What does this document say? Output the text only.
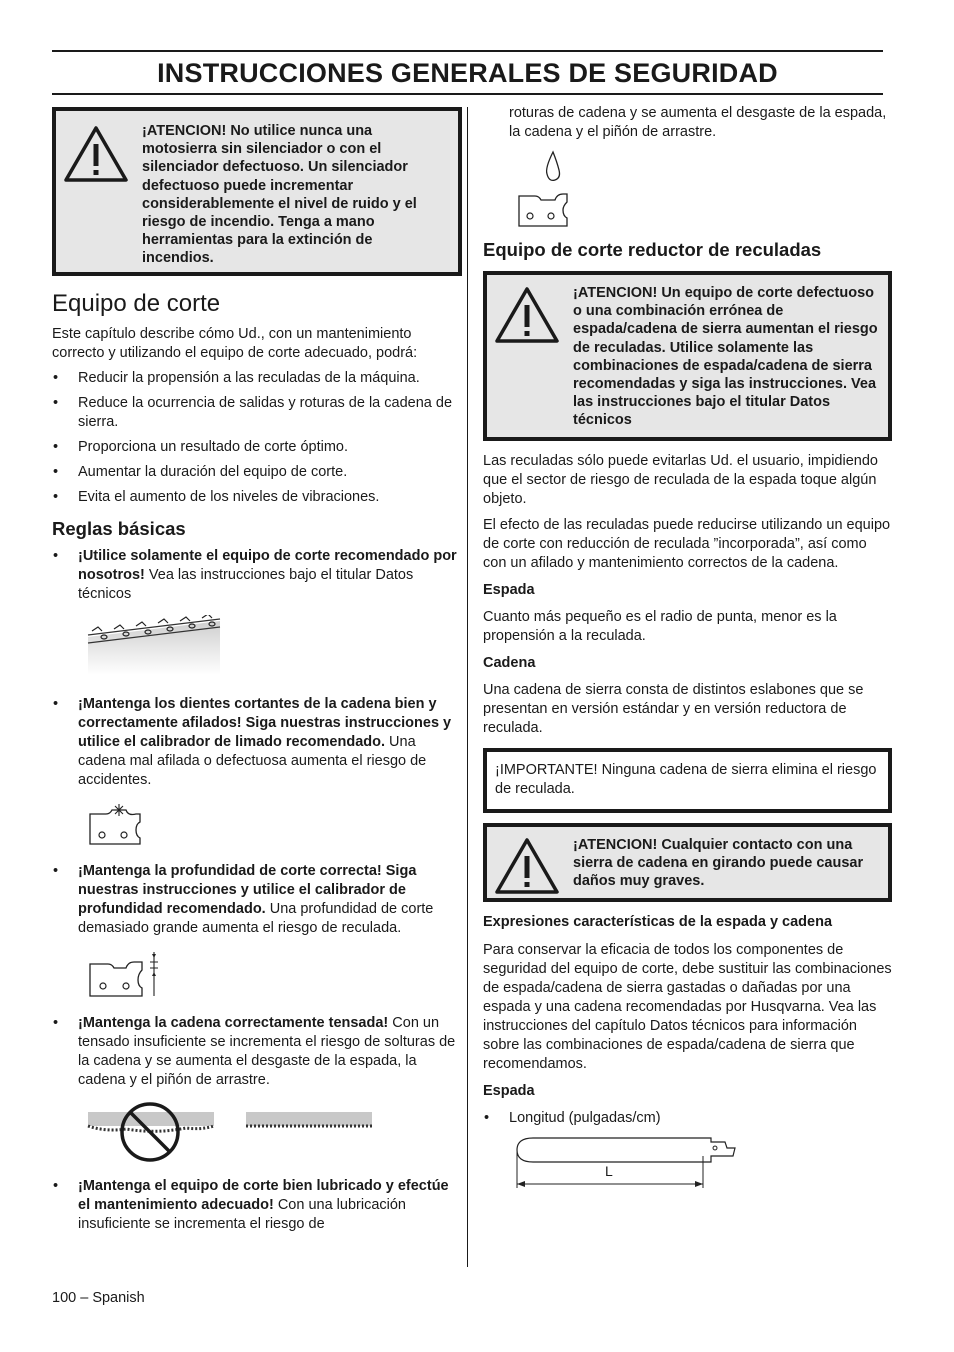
INSTRUCCIONES GENERALES DE SEGURIDAD
¡ATENCION! No utilice nunca una motosierra sin silenciador o con el silenciador defectuoso. Un silenciador defectuoso puede incrementar considerablemente el nivel de ruido y el riesgo de incendio. Tenga a mano herramientas para la extinción de incendios.
Equipo de corte

Este capítulo describe cómo Ud., con un mantenimiento correcto y utilizando el equipo de corte adecuado, podrá:

• Reducir la propensión a las reculadas de la máquina.
• Reduce la ocurrencia de salidas y roturas de la cadena de sierra.
• Proporciona un resultado de corte óptimo.
• Aumentar la duración del equipo de corte.
• Evita el aumento de los niveles de vibraciones.
Reglas básicas
• ¡Utilice solamente el equipo de corte recomendado por nosotros! Vea las instrucciones bajo el titular Datos técnicos
• ¡Mantenga los dientes cortantes de la cadena bien y correctamente afilados! Siga nuestras instrucciones y utilice el calibrador de limado recomendado. Una cadena mal afilada o defectuosa aumenta el riesgo de accidentes.
• ¡Mantenga la profundidad de corte correcta! Siga nuestras instrucciones y utilice el calibrador de profundidad recomendado. Una profundidad de corte demasiado grande aumenta el riesgo de reculada.
• ¡Mantenga la cadena correctamente tensada! Con un tensado insuficiente se incrementa el riesgo de solturas de la cadena y se aumenta el desgaste de la espada, la cadena y el piñón de arrastre.
• ¡Mantenga el equipo de corte bien lubricado y efectúe el mantenimiento adecuado! Con una lubricación insuficiente se incrementa el riesgo de

roturas de cadena y se aumenta el desgaste de la espada, la cadena y el piñón de arrastre.

Equipo de corte reductor de reculadas
¡ATENCION! Un equipo de corte defectuoso o una combinación errónea de espada/cadena de sierra aumentan el riesgo de reculadas. Utilice solamente las combinaciones de espada/cadena de sierra recomendadas y siga las instrucciones. Vea las instrucciones bajo el titular Datos técnicos

Las reculadas sólo puede evitarlas Ud. el usuario, impidiendo que el sector de riesgo de reculada de la espada toque algún objeto.

El efecto de las reculadas puede reducirse utilizando un equipo de corte con reducción de reculada ”incorporada”, así como con un afilado y mantenimiento correctos de la cadena.

Espada

Cuanto más pequeño es el radio de punta, menor es la propensión a la reculada.

Cadena

Una cadena de sierra consta de distintos eslabones que se presentan en versión estándar y en versión reductora de reculada.

¡IMPORTANTE! Ninguna cadena de sierra elimina el riesgo de reculada.
¡ATENCION! Cualquier contacto con una sierra de cadena en girando puede causar daños muy graves.

Expresiones características de la espada y cadena

Para conservar la eficacia de todos los componentes de seguridad del equipo de corte, debe sustituir las combinaciones de espada/cadena de sierra gastadas o dañadas por una espada y una cadena recomendadas por Husqvarna. Vea las instrucciones del capítulo Datos técnicos para información sobre las combinaciones de espada/cadena de sierra que recomendamos.

Espada

• Longitud (pulgadas/cm)
L
100 – Spanish
